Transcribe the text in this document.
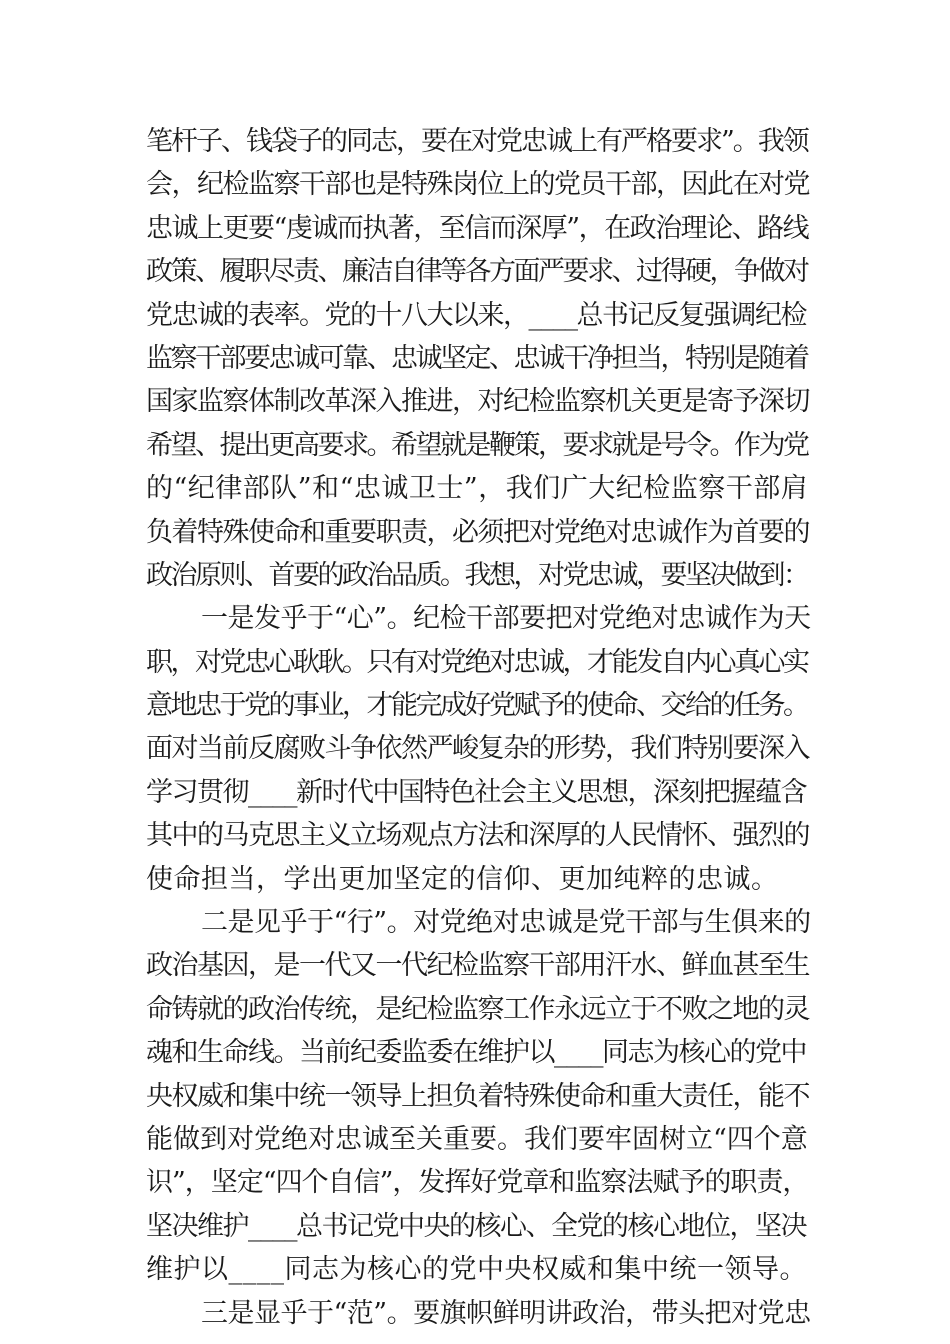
笔杆子、钱袋子的同志，要在对党忠诚上有严格要求”。我领
会，纪检监察干部也是特殊岗位上的党员干部，因此在对党
忠诚上更要“虔诚而执著，至信而深厚”，在政治理论、路线
政策、履职尽责、廉洁自律等各方面严要求、过得硬，争做对
党忠诚的表率。党的十八大以来，____总书记反复强调纪检
监察干部要忠诚可靠、忠诚坚定、忠诚干净担当，特别是随着
国家监察体制改革深入推进，对纪检监察机关更是寄予深切
希望、提出更高要求。希望就是鞭策，要求就是号令。作为党
的“纪律部队”和“忠诚卫士”，我们广大纪检监察干部肩
负着特殊使命和重要职责，必须把对党绝对忠诚作为首要的
政治原则、首要的政治品质。我想，对党忠诚，要坚决做到：
一是发乎于“心”。纪检干部要把对党绝对忠诚作为天
职，对党忠心耿耿。只有对党绝对忠诚，才能发自内心真心实
意地忠于党的事业，才能完成好党赋予的使命、交给的任务。
面对当前反腐败斗争依然严峻复杂的形势，我们特别要深入
学习贯彻____新时代中国特色社会主义思想，深刻把握蕴含
其中的马克思主义立场观点方法和深厚的人民情怀、强烈的
使命担当，学出更加坚定的信仰、更加纯粹的忠诚。
二是见乎于“行”。对党绝对忠诚是党干部与生俱来的
政治基因，是一代又一代纪检监察干部用汗水、鲜血甚至生
命铸就的政治传统，是纪检监察工作永远立于不败之地的灵
魂和生命线。当前纪委监委在维护以____同志为核心的党中
央权威和集中统一领导上担负着特殊使命和重大责任，能不
能做到对党绝对忠诚至关重要。我们要牢固树立“四个意
识”，坚定“四个自信”，发挥好党章和监察法赋予的职责，
坚决维护____总书记党中央的核心、全党的核心地位，坚决
维护以____同志为核心的党中央权威和集中统一领导。
三是显乎于“范”。要旗帜鲜明讲政治，带头把对党忠
